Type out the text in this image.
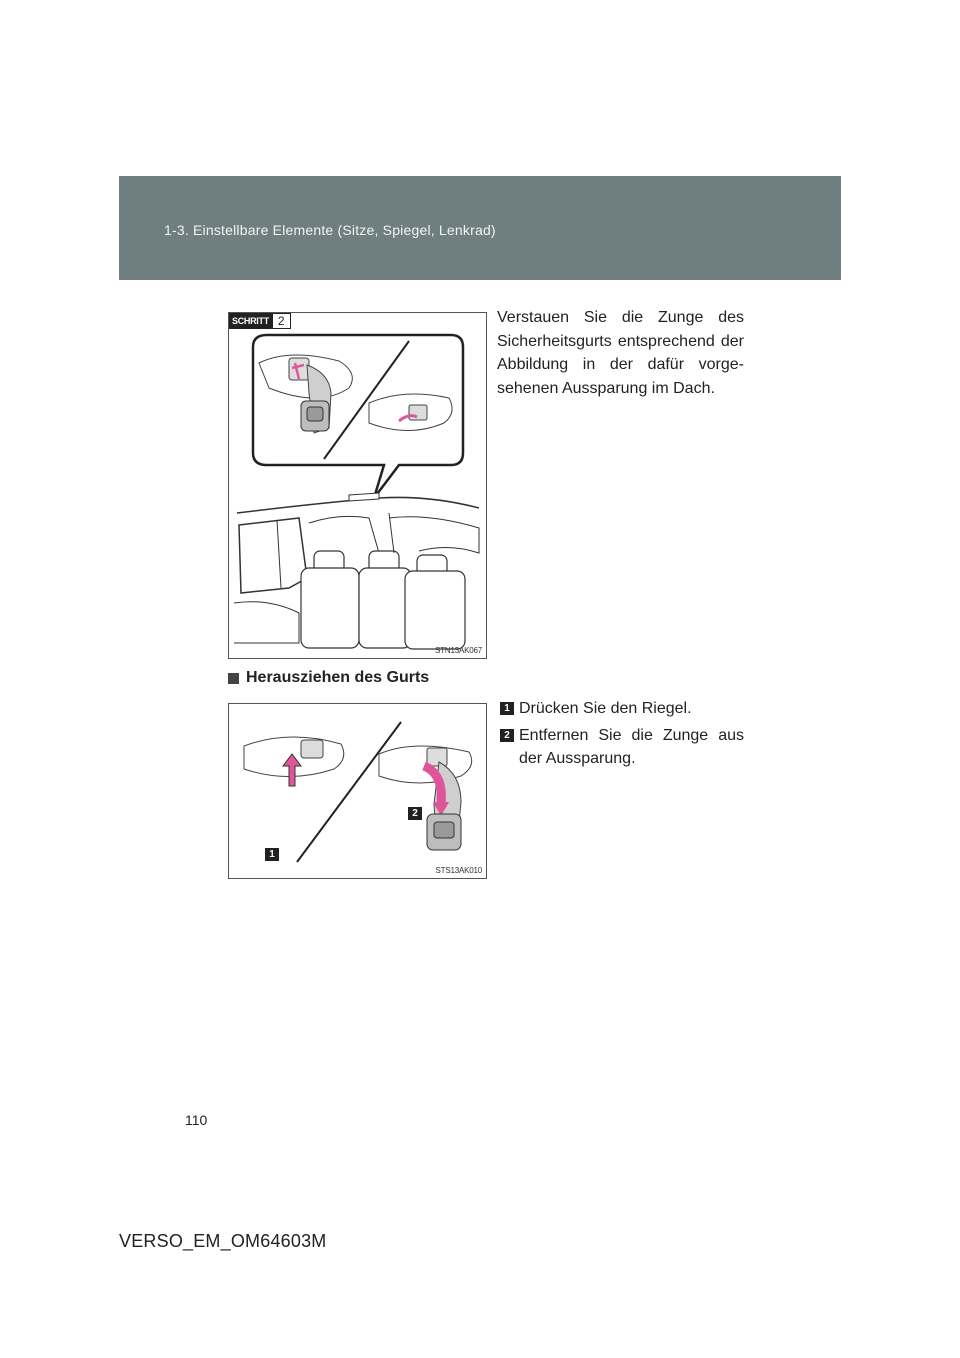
1-3. Einstellbare Elemente (Sitze, Spiegel, Lenkrad)
SCHRITT 2
STN13AK067
Verstauen Sie die Zunge des Sicherheitsgurts entsprechend der Abbildung in der dafür vorgesehenen Aussparung im Dach.
Herausziehen des Gurts
1
2
STS13AK010
1 Drücken Sie den Riegel.
2 Entfernen Sie die Zunge aus der Aussparung.
110
VERSO_EM_OM64603M
